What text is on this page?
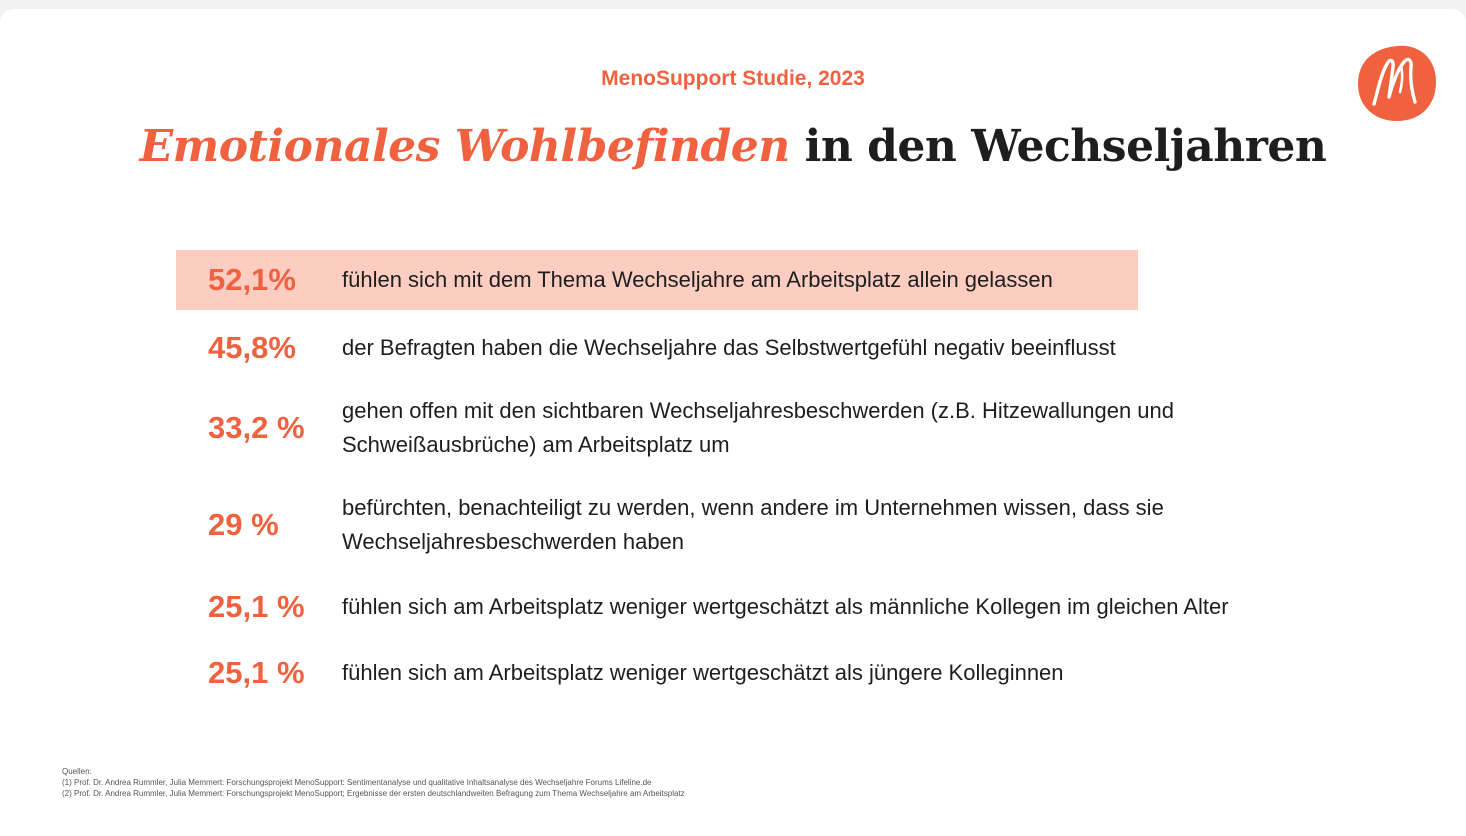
MenoSupport Studie, 2023
Emotionales Wohlbefinden in den Wechseljahren
52,1%	fühlen sich mit dem Thema Wechseljahre am Arbeitsplatz allein gelassen
45,8%	der Befragten haben die Wechseljahre das Selbstwertgefühl negativ beeinflusst
33,2 %	gehen offen mit den sichtbaren Wechseljahresbeschwerden (z.B. Hitzewallungen und Schweißausbrüche) am Arbeitsplatz um
29 %	befürchten, benachteiligt zu werden, wenn andere im Unternehmen wissen, dass sie Wechseljahresbeschwerden haben
25,1 %	fühlen sich am Arbeitsplatz weniger wertgeschätzt als männliche Kollegen im gleichen Alter
25,1 %	fühlen sich am Arbeitsplatz weniger wertgeschätzt als jüngere Kolleginnen
Quellen:
(1) Prof. Dr. Andrea Rummler, Julia Memmert: Forschungsprojekt MenoSupport: Sentimentanalyse und qualitative Inhaltsanalyse des Wechseljahre Forums Lifeline.de
(2) Prof. Dr. Andrea Rummler, Julia Memmert: Forschungsprojekt MenoSupport; Ergebnisse der ersten deutschlandweiten Befragung zum Thema Wechseljahre am Arbeitsplatz
